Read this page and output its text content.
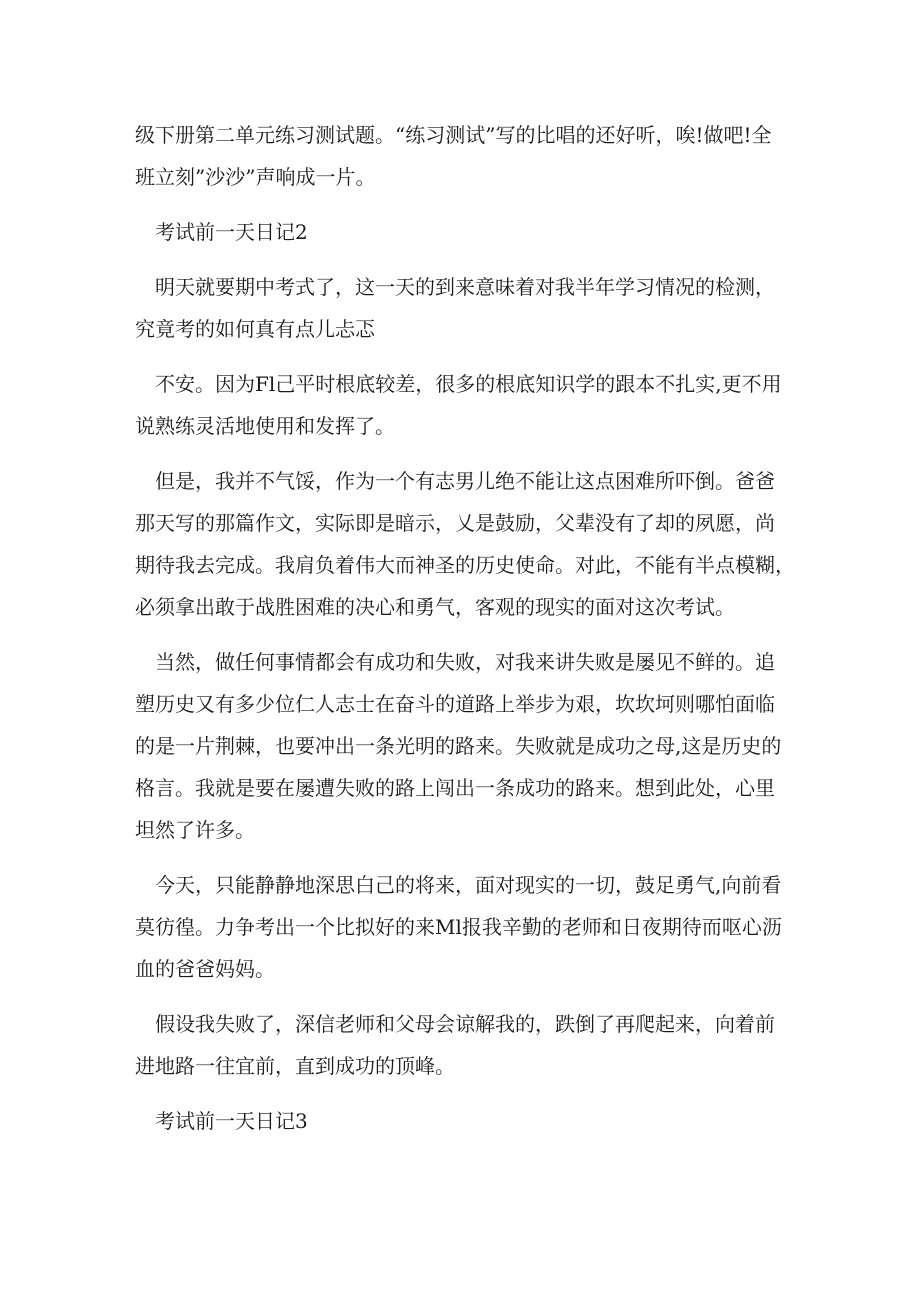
级下册第二单元练习测试题。“练习测试”写的比唱的还好听，唉!做吧!全
班立刻”沙沙”声响成一片。
考试前一天日记2
明天就要期中考式了，这一天的到来意味着对我半年学习情况的检测，
究竟考的如何真有点儿忐忑
不安。因为Fl己平时根底较差，很多的根底知识学的跟本不扎实,更不用
说熟练灵活地使用和发挥了。
但是，我并不气馁，作为一个有志男儿绝不能让这点困难所吓倒。爸爸
那天写的那篇作文，实际即是暗示，乂是鼓励，父辈没有了却的夙愿，尚
期待我去完成。我肩负着伟大而神圣的历史使命。对此，不能有半点模糊，
必须拿出敢于战胜困难的决心和勇气，客观的现实的面对这次考试。
当然，做任何事情都会有成功和失败，对我来讲失败是屡见不鲜的。追
塑历史又有多少位仁人志士在奋斗的道路上举步为艰，坎坎坷则哪怕面临
的是一片荆棘，也要冲出一条光明的路来。失败就是成功之母,这是历史的
格言。我就是要在屡遭失败的路上闯出一条成功的路来。想到此处，心里
坦然了许多。
今天，只能静静地深思白己的将来，面对现实的一切，鼓足勇气,向前看
莫彷徨。力争考出一个比拟好的来Ml报我辛勤的老师和日夜期待而呕心沥
血的爸爸妈妈。
假设我失败了，深信老师和父母会谅解我的，跌倒了再爬起来，向着前
进地路一往宜前，直到成功的顶峰。
考试前一天日记3
